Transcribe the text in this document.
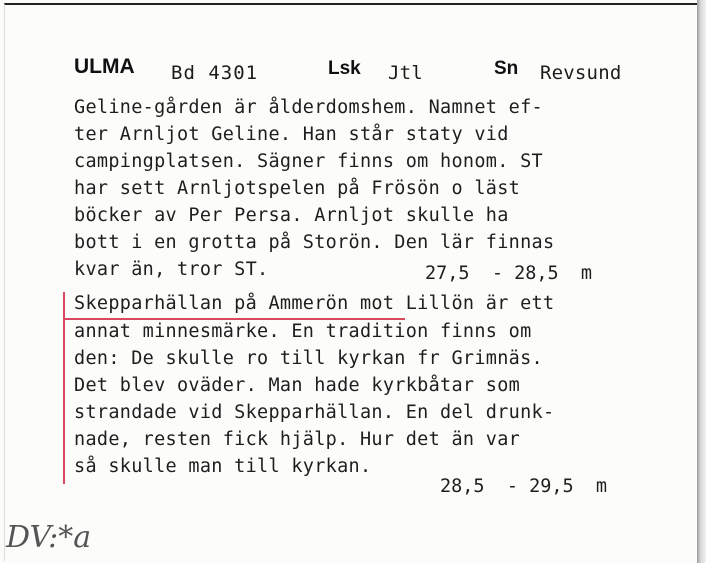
ULMA Bd 4301	Lsk Jtl	Sn Revsund
Geline-gården är ålderdomshem. Namnet ef-
ter Arnljot Geline. Han står staty vid
campingplatsen. Sägner finns om honom. ST
har sett Arnljotspelen på Frösön o läst
böcker av Per Persa. Arnljot skulle ha
bott i en grotta på Storön. Den lär finnas
kvar än, tror ST.	27,5  - 28,5  m
Skepparhällan på Ammerön mot Lillön är ett
annat minnesmärke. En tradition finns om
den: De skulle ro till kyrkan fr Grimnäs.
Det blev oväder. Man hade kyrkbåtar som
strandade vid Skepparhällan. En del drunk-
nade, resten fick hjälp. Hur det än var
så skulle man till kyrkan.
28,5  - 29,5  m
DV:*a
